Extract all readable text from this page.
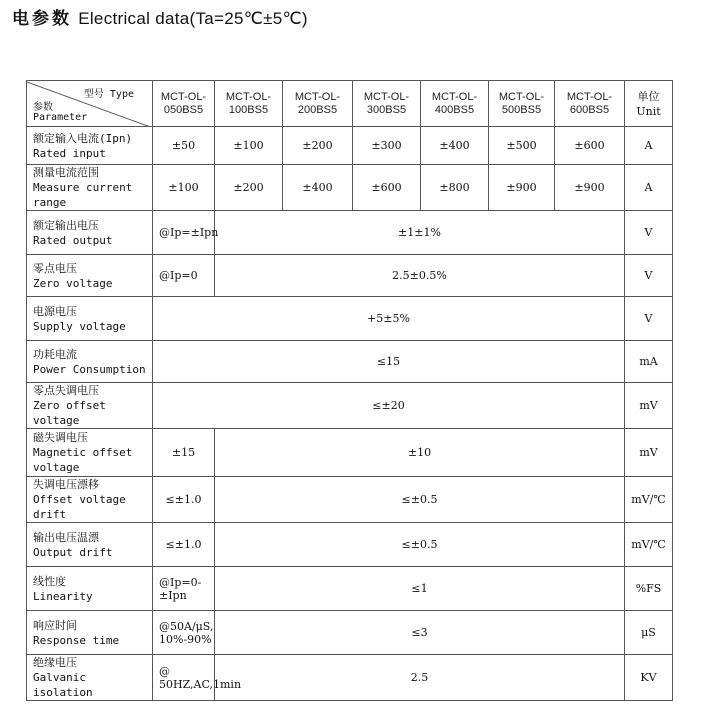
电参数 Electrical data(Ta=25℃±5℃)
型号 Type
参数
Parameter	MCT-OL-050BS5	MCT-OL-100BS5	MCT-OL-200BS5	MCT-OL-300BS5	MCT-OL-400BS5	MCT-OL-500BS5	MCT-OL-600BS5	单位
Unit

额定输入电流(Ipn)
Rated input	±50	±100	±200	±300	±400	±500	±600	A

测量电流范围
Measure current
range	±100	±200	±400	±600	±800	±900	±900	A

额定输出电压
Rated output	@Ip=±Ipn	±1±1%						V

零点电压
Zero voltage	@Ip=0	2.5±0.5%						V

电源电压
Supply voltage	+5±5%							V

功耗电流
Power Consumption	≤15							mA

零点失调电压
Zero offset voltage	≤±20							mV

磁失调电压
Magnetic offset
voltage	±15	±10						mV

失调电压漂移
Offset voltage drift	≤±1.0	≤±0.5						mV/℃

输出电压温漂
Output drift	≤±1.0	≤±0.5						mV/℃

线性度
Linearity	@Ip=0-±Ipn	≤1						%FS

响应时间
Response time	@50A/μS, 10%-90%	≤3						μS

绝缘电压
Galvanic isolation	@ 50HZ,AC,1min	2.5						KV
